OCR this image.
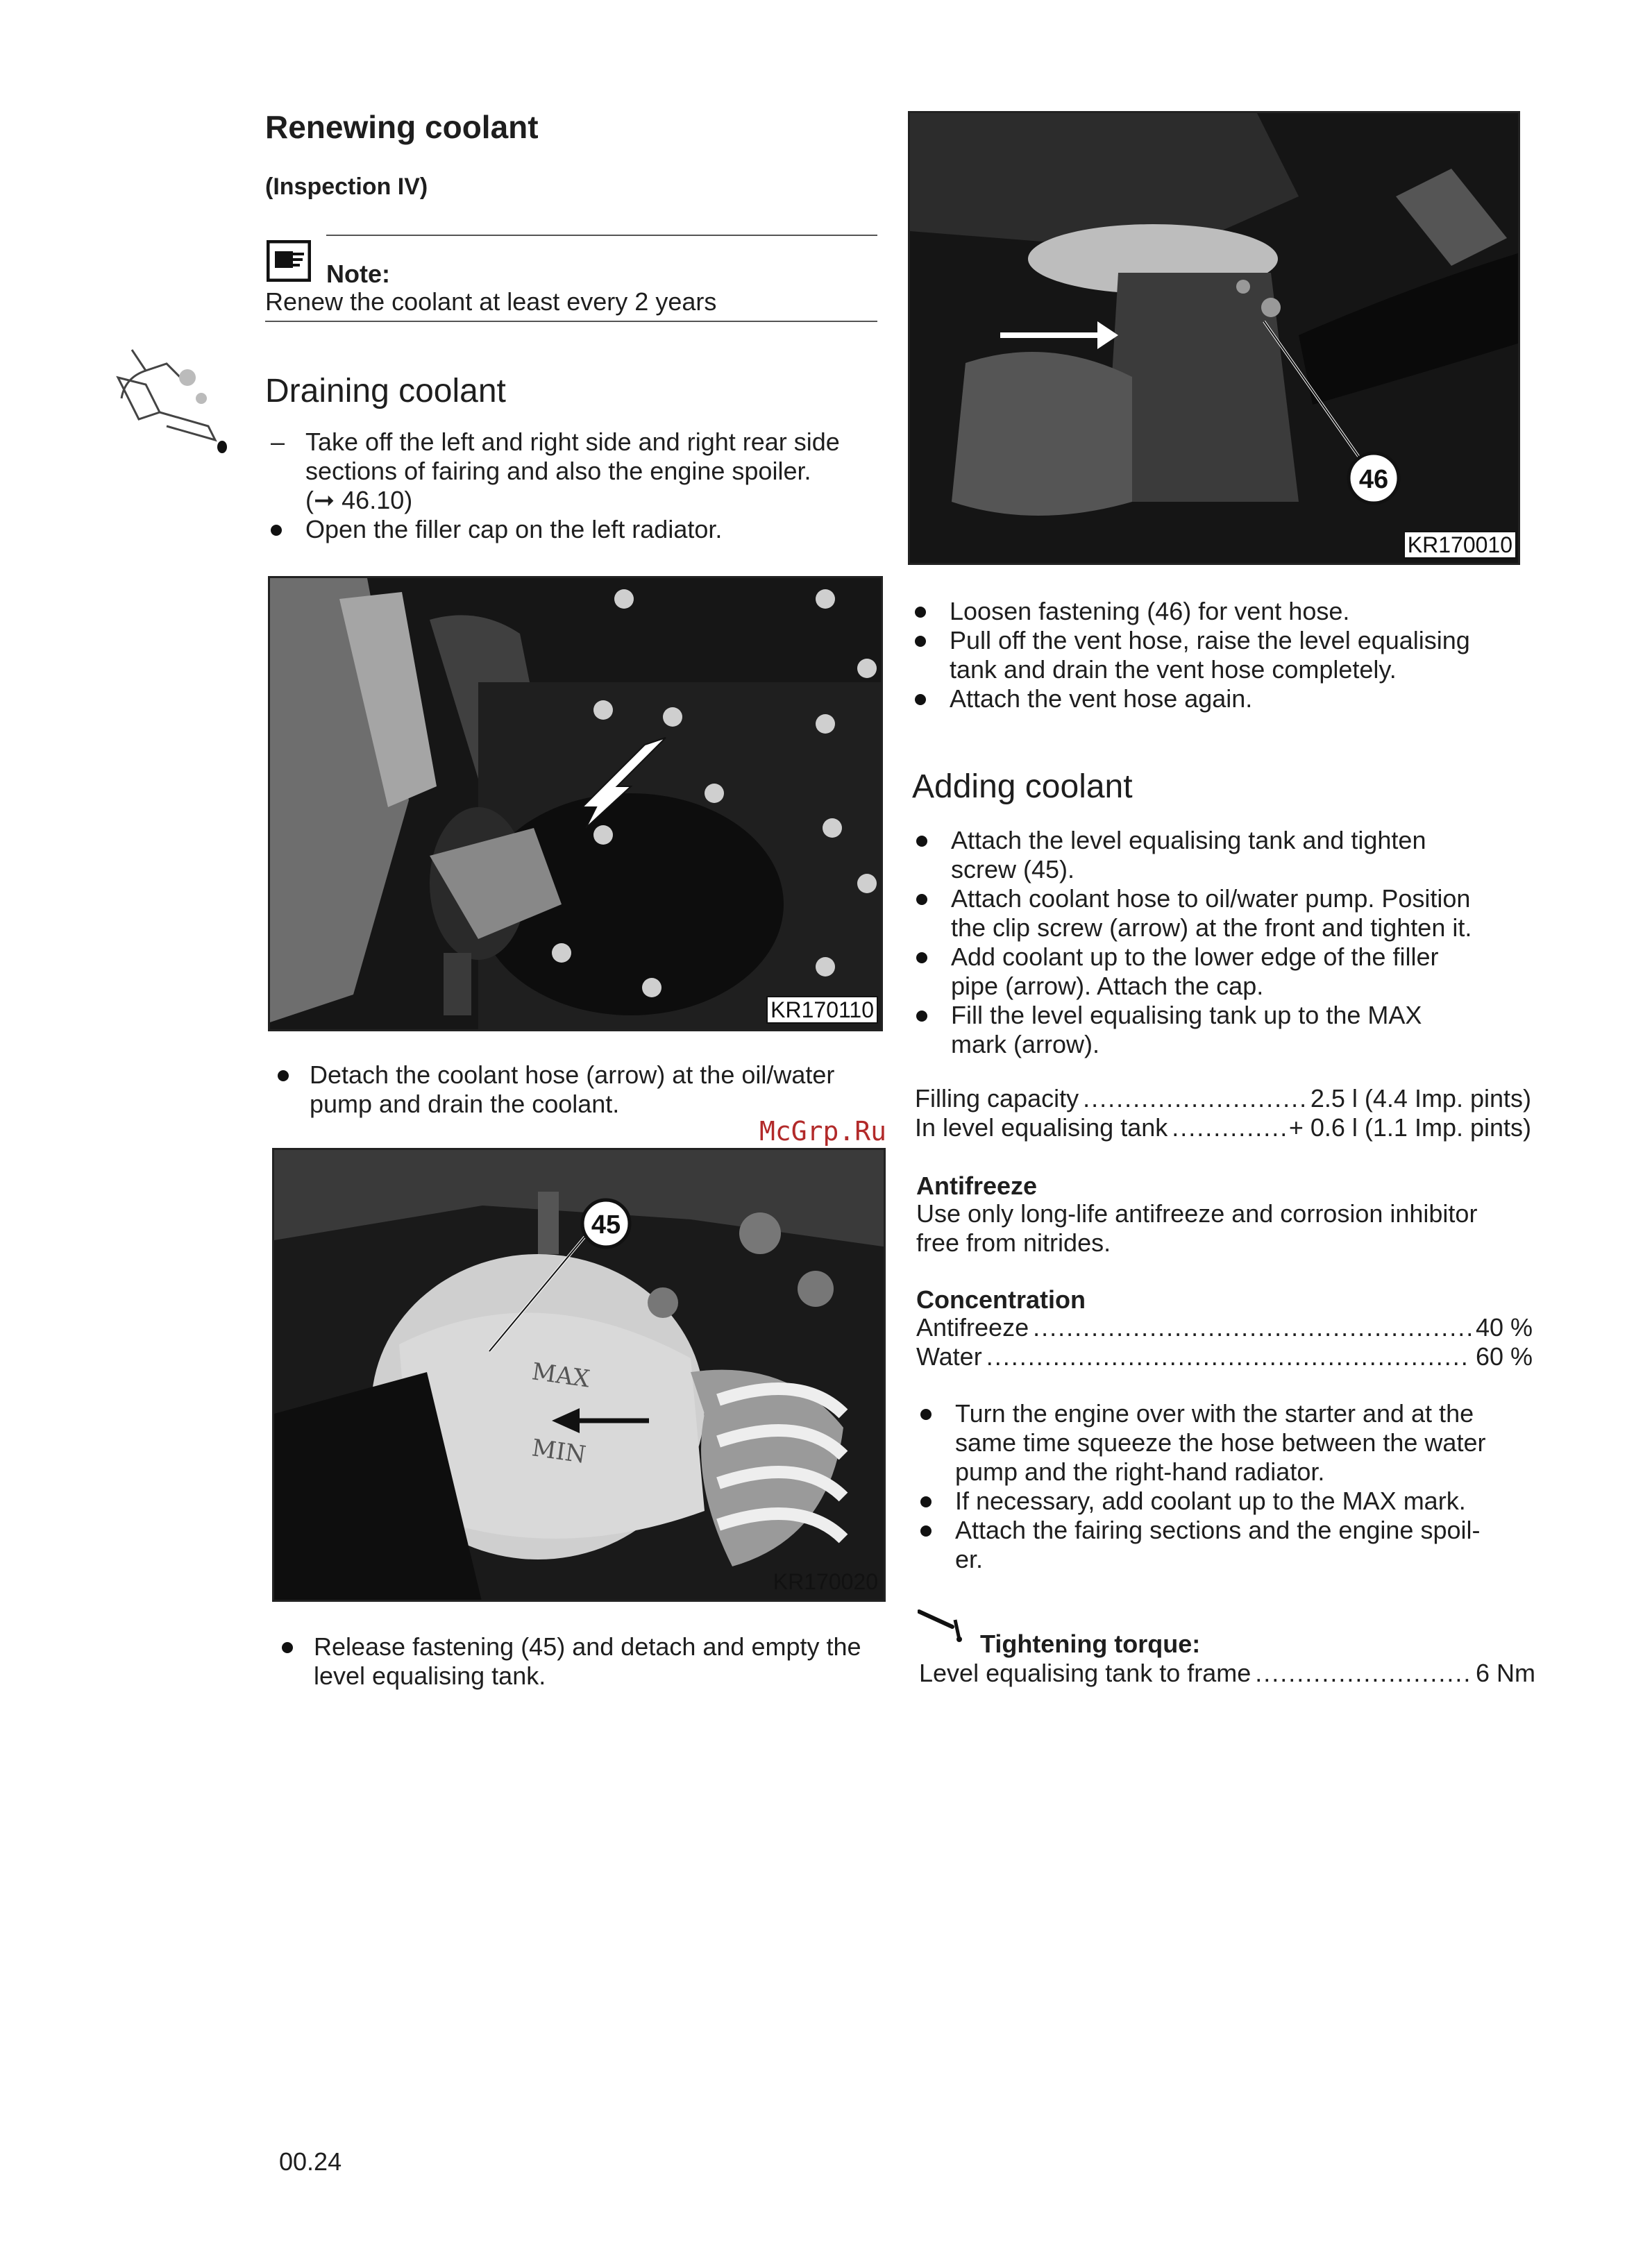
Renewing coolant
(Inspection IV)
Note:
Renew the coolant at least every 2 years
Draining coolant
– Take off the left and right side and right rear side
sections of fairing and also the engine spoiler.
(➞ 46.10)
Open the filler cap on the left radiator.
KR170110
Detach the coolant hose (arrow) at the oil/water
pump and drain the coolant.
MAX
MIN
45
KR170020
Release fastening (45) and detach and empty the
level equalising tank.
46
KR170010
Loosen fastening (46) for vent hose.
Pull off the vent hose, raise the level equalising
tank and drain the vent hose completely.
Attach the vent hose again.
Adding coolant
Attach the level equalising tank and tighten
screw (45).
Attach coolant hose to oil/water pump. Position
the clip screw (arrow) at the front and tighten it.
Add coolant up to the lower edge of the filler
pipe (arrow). Attach the cap.
Fill the level equalising tank up to the MAX
mark (arrow).
Filling capacity .....	2.5 l (4.4 Imp. pints)
In level equalising tank .....	+ 0.6 l (1.1 Imp. pints)
Antifreeze
Use only long-life antifreeze and corrosion inhibitor
free from nitrides.
Concentration
Antifreeze .....	40 %
Water .....	60 %
Turn the engine over with the starter and at the
same time squeeze the hose between the water
pump and the right-hand radiator.
If necessary, add coolant up to the MAX mark.
Attach the fairing sections and the engine spoil-
er.
Tightening torque:
Level equalising tank to frame .....	6 Nm
McGrp.Ru
00.24
